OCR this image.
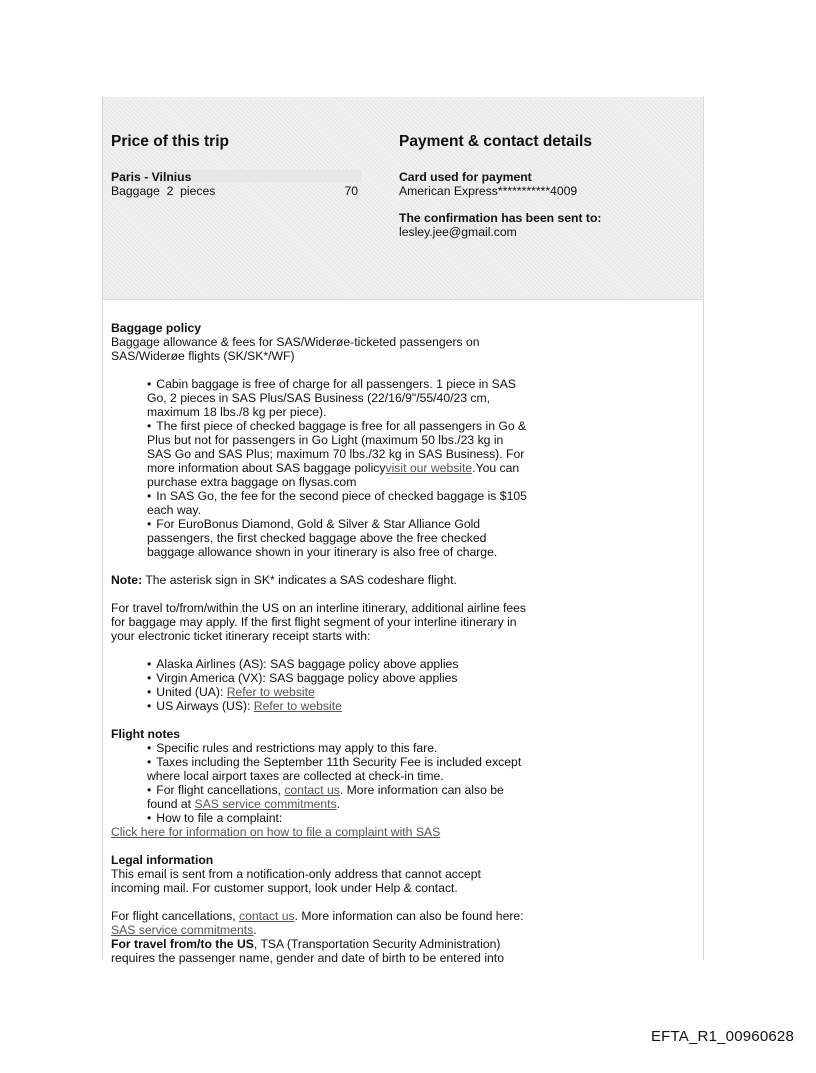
Price of this trip
Paris - Vilnius
Baggage  2  pieces	70
Payment & contact details
Card used for payment
American Express***********4009
The confirmation has been sent to:
lesley.jee@gmail.com

Baggage policy

Baggage allowance & fees for SAS/Widerøe-ticketed passengers on SAS/Widerøe flights (SK/SK*/WF)

• Cabin baggage is free of charge for all passengers. 1 piece in SAS Go, 2 pieces in SAS Plus/SAS Business (22/16/9"/55/40/23 cm, maximum 18 lbs./8 kg per piece).
• The first piece of checked baggage is free for all passengers in Go & Plus but not for passengers in Go Light (maximum 50 lbs./23 kg in SAS Go and SAS Plus; maximum 70 lbs./32 kg in SAS Business). For more information about SAS baggage policyvisit our website.You can purchase extra baggage on flysas.com
• In SAS Go, the fee for the second piece of checked baggage is $105 each way.
• For EuroBonus Diamond, Gold & Silver & Star Alliance Gold passengers, the first checked baggage above the free checked baggage allowance shown in your itinerary is also free of charge.

Note: The asterisk sign in SK* indicates a SAS codeshare flight.

For travel to/from/within the US on an interline itinerary, additional airline fees for baggage may apply. If the first flight segment of your interline itinerary in your electronic ticket itinerary receipt starts with:

• Alaska Airlines (AS): SAS baggage policy above applies
• Virgin America (VX): SAS baggage policy above applies
• United (UA): Refer to website
• US Airways (US): Refer to website

Flight notes

• Specific rules and restrictions may apply to this fare.
• Taxes including the September 11th Security Fee is included except where local airport taxes are collected at check-in time.
• For flight cancellations, contact us. More information can also be found at SAS service commitments.
• How to file a complaint:

Click here for information on how to file a complaint with SAS

Legal information

This email is sent from a notification-only address that cannot accept incoming mail. For customer support, look under Help & contact.

For flight cancellations, contact us. More information can also be found here: SAS service commitments.

For travel from/to the US, TSA (Transportation Security Administration) requires the passenger name, gender and date of birth to be entered into

EFTA_R1_00960628
